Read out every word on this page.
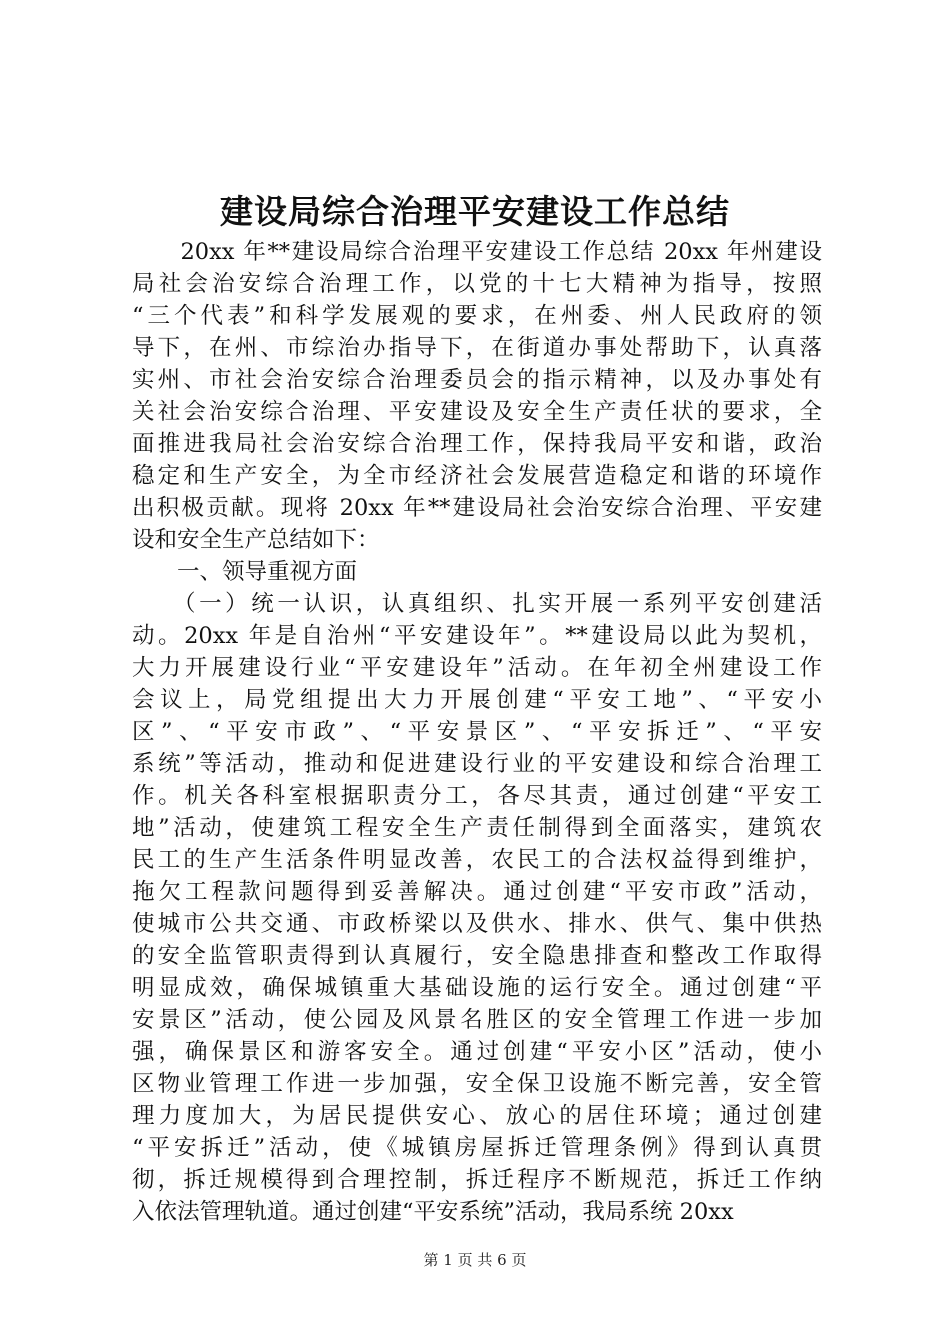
建设局综合治理平安建设工作总结
　　20xx 年**建设局综合治理平安建设工作总结 20xx 年州建设
局社会治安综合治理工作，以党的十七大精神为指导，按照
“三个代表”和科学发展观的要求，在州委、州人民政府的领
导下，在州、市综治办指导下，在街道办事处帮助下，认真落
实州、市社会治安综合治理委员会的指示精神，以及办事处有
关社会治安综合治理、平安建设及安全生产责任状的要求，全
面推进我局社会治安综合治理工作，保持我局平安和谐，政治
稳定和生产安全，为全市经济社会发展营造稳定和谐的环境作
出积极贡献。现将 20xx 年**建设局社会治安综合治理、平安建
设和安全生产总结如下：
　　一、领导重视方面
　　（一）统一认识，认真组织、扎实开展一系列平安创建活
动。20xx 年是自治州“平安建设年”。**建设局以此为契机，
大力开展建设行业“平安建设年”活动。在年初全州建设工作
会议上，局党组提出大力开展创建“平安工地”、“平安小
区”、“平安市政”、“平安景区”、“平安拆迁”、“平安
系统”等活动，推动和促进建设行业的平安建设和综合治理工
作。机关各科室根据职责分工，各尽其责，通过创建“平安工
地”活动，使建筑工程安全生产责任制得到全面落实，建筑农
民工的生产生活条件明显改善，农民工的合法权益得到维护，
拖欠工程款问题得到妥善解决。通过创建“平安市政”活动，
使城市公共交通、市政桥梁以及供水、排水、供气、集中供热
的安全监管职责得到认真履行，安全隐患排查和整改工作取得
明显成效，确保城镇重大基础设施的运行安全。通过创建“平
安景区”活动，使公园及风景名胜区的安全管理工作进一步加
强，确保景区和游客安全。通过创建“平安小区”活动，使小
区物业管理工作进一步加强，安全保卫设施不断完善，安全管
理力度加大，为居民提供安心、放心的居住环境；通过创建
“平安拆迁”活动，使《城镇房屋拆迁管理条例》得到认真贯
彻，拆迁规模得到合理控制，拆迁程序不断规范，拆迁工作纳
入依法管理轨道。通过创建“平安系统”活动，我局系统 20xx
第 1 页 共 6 页
